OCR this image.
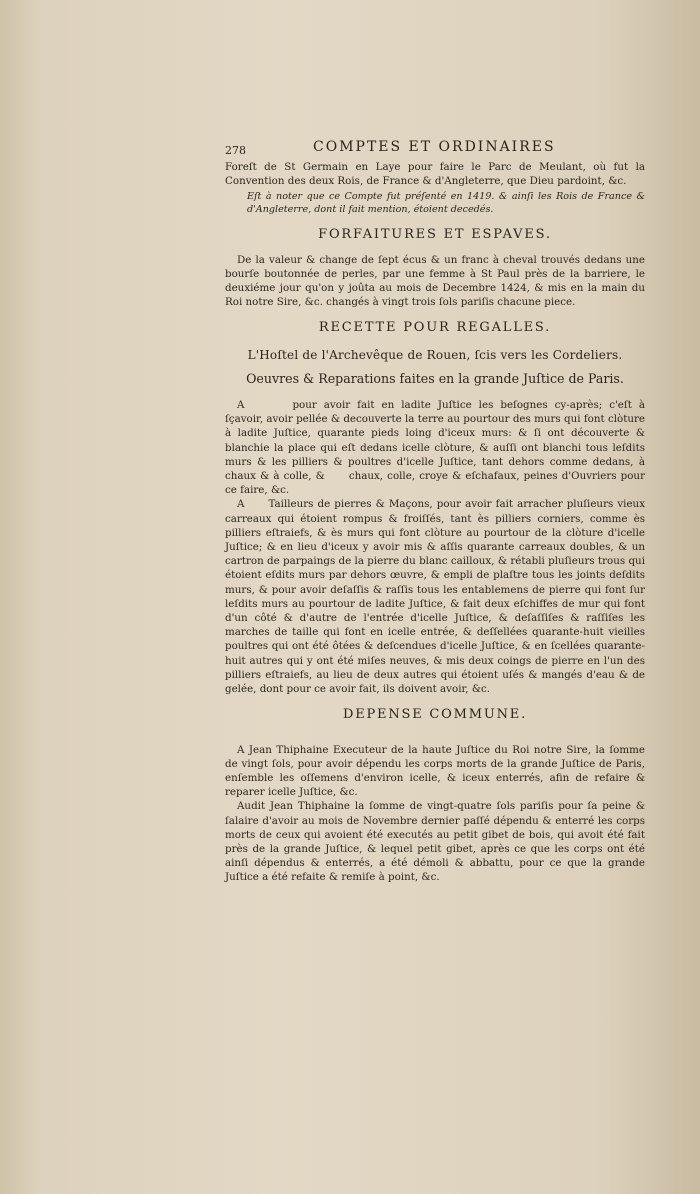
278	COMPTES ET ORDINAIRES

Foreſt de St Germain en Laye pour faire le Parc de Meulant, où fut la Convention des deux Rois, de France & d'Angleterre, que Dieu pardoint, &c.

Eſt à noter que ce Compte fut préſenté en 1419. & ainſi les Rois de France & d'Angleterre, dont il fait mention, étoient decedés.

FORFAITURES ET ESPAVES.

De la valeur & change de ſept écus & un franc à cheval trouvés dedans une bourſe boutonnée de perles, par une femme à St Paul près de la barriere, le deuxiéme jour qu'on y joûta au mois de Decembre 1424, & mis en la main du Roi notre Sire, &c. changés à vingt trois ſols pariſis chacune piece.

RECETTE POUR REGALLES.

L'Hoſtel de l'Archevêque de Rouen, ſcis vers les Cordeliers.

Oeuvres & Reparations faites en la grande Juſtice de Paris.

A	pour avoir fait en ladite Juſtice les beſognes cy-après; c'eſt à ſçavoir, avoir pellée & decouverte la terre au pourtour des murs qui font clòture à ladite Juſtice, quarante pieds loing d'iceux murs: & ſi ont découverte & blanchie la place qui eſt dedans icelle clòture, & auſſi ont blanchi tous leſdits murs & les pilliers & poultres d'icelle Juſtice, tant dehors comme dedans, à chaux & à colle, & chaux, colle, croye & eſchafaux, peines d'Ouvriers pour ce faire, &c.

A Tailleurs de pierres & Maçons, pour avoir fait arracher pluſieurs vieux carreaux qui étoient rompus & froiſſés, tant ès pilliers corniers, comme ès pilliers eſtraiefs, & ès murs qui font clòture au pourtour de la clòture d'icelle Juſtice; & en lieu d'iceux y avoir mis & aſſis quarante carreaux doubles, & un cartron de parpaings de la pierre du blanc cailloux, & rétabli pluſieurs trous qui étoient eſdits murs par dehors œuvre, & empli de plaſtre tous les joints deſdits murs, & pour avoir deſaſſis & raſſis tous les entablemens de pierre qui font ſur leſdits murs au pourtour de ladite Juſtice, & fait deux eſchiffes de mur qui font d'un côté & d'autre de l'entrée d'icelle Juſtice, & deſaſſiſes & raſſiſes les marches de taille qui font en icelle entrée, & deſſellées quarante-huit vieilles poultres qui ont été ôtées & deſcendues d'icelle Juſtice, & en ſcellées quarante-huit autres qui y ont été miſes neuves, & mis deux coings de pierre en l'un des pilliers eſtraiefs, au lieu de deux autres qui étoient uſés & mangés d'eau & de gelée, dont pour ce avoir fait, ils doivent avoir, &c.

DEPENSE COMMUNE.

A Jean Thiphaine Executeur de la haute Juſtice du Roi notre Sire, la ſomme de vingt ſols, pour avoir dépendu les corps morts de la grande Juſtice de Paris, enſemble les oſſemens d'environ icelle, & iceux enterrés, afin de refaire & reparer icelle Juſtice, &c.

Audit Jean Thiphaine la ſomme de vingt-quatre ſols pariſis pour ſa peine & ſalaire d'avoir au mois de Novembre dernier paſſé dépendu & enterré les corps morts de ceux qui avoient été executés au petit gibet de bois, qui avoit été fait près de la grande Juſtice, & lequel petit gibet, après ce que les corps ont été ainſi dépendus & enterrés, a été démoli & abbattu, pour ce que la grande Juſtice a été refaite & remiſe à point, &c.
